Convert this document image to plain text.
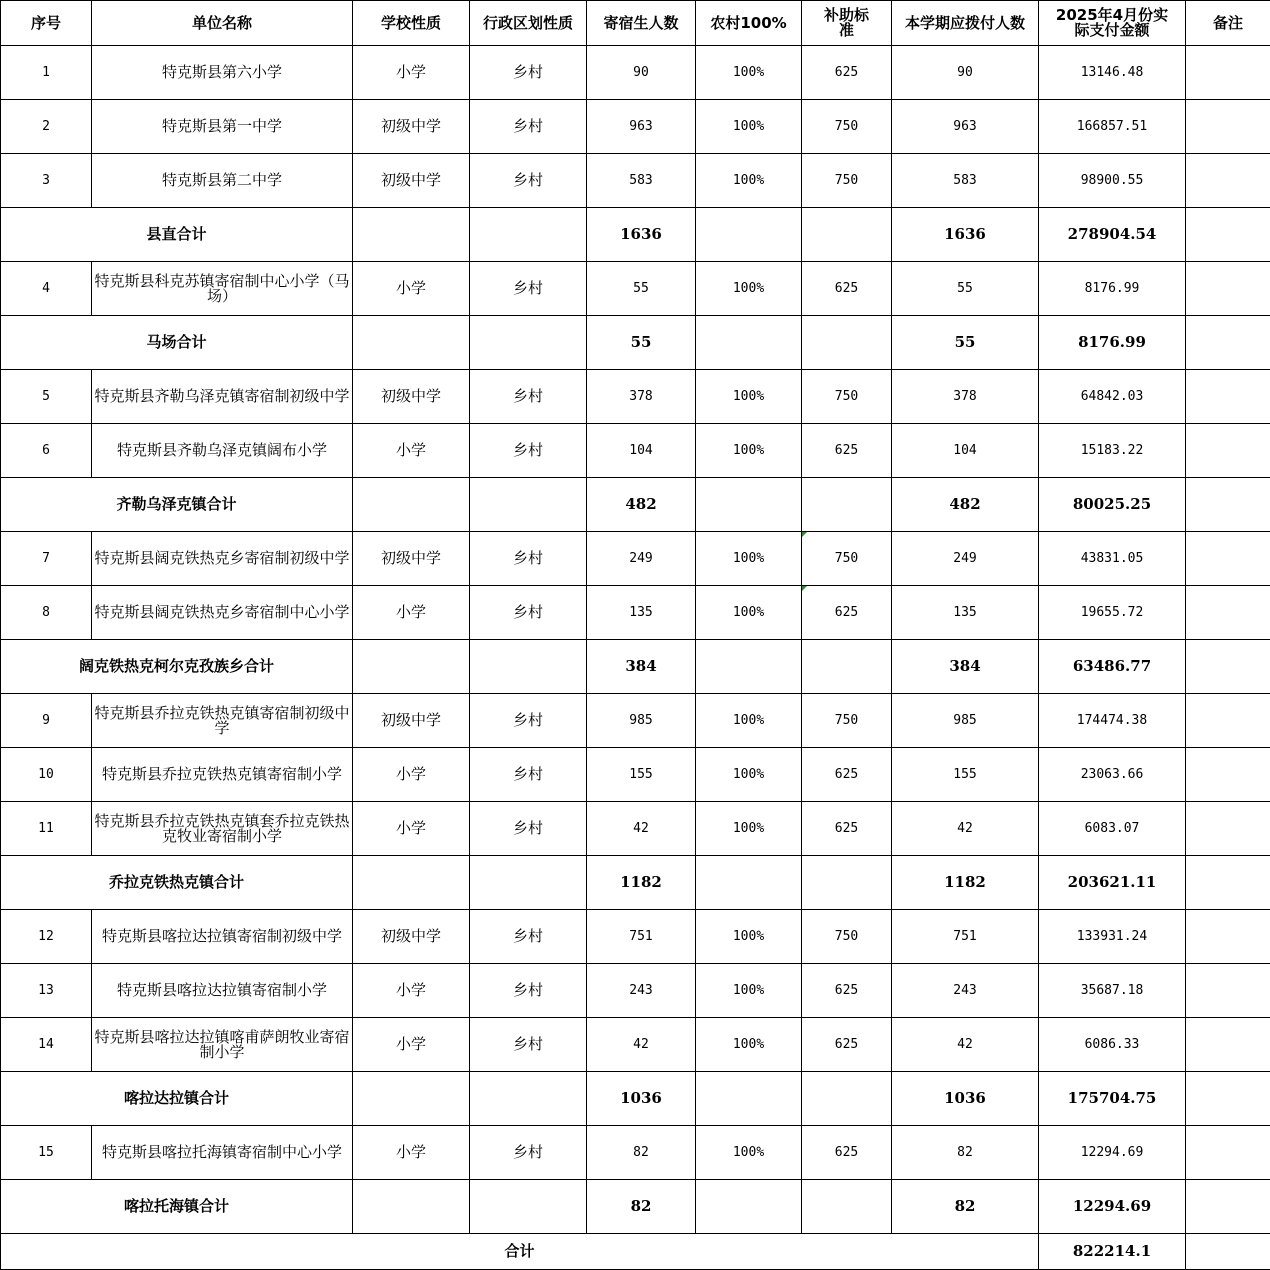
序号	单位名称	学校性质	行政区划性质	寄宿生人数	农村100%	补助标准	本学期应拨付人数	2025年4月份实际支付金额	备注
1	特克斯县第六小学	小学	乡村	90	100%	625	90	13146.48	
2	特克斯县第一中学	初级中学	乡村	963	100%	750	963	166857.51	
3	特克斯县第二中学	初级中学	乡村	583	100%	750	583	98900.55	
县直合计				1636			1636	278904.54	
4	特克斯县科克苏镇寄宿制中心小学（马场）	小学	乡村	55	100%	625	55	8176.99	
马场合计				55			55	8176.99	
5	特克斯县齐勒乌泽克镇寄宿制初级中学	初级中学	乡村	378	100%	750	378	64842.03	
6	特克斯县齐勒乌泽克镇阔布小学	小学	乡村	104	100%	625	104	15183.22	
齐勒乌泽克镇合计				482			482	80025.25	
7	特克斯县阔克铁热克乡寄宿制初级中学	初级中学	乡村	249	100%	750	249	43831.05	
8	特克斯县阔克铁热克乡寄宿制中心小学	小学	乡村	135	100%	625	135	19655.72	
阔克铁热克柯尔克孜族乡合计				384			384	63486.77	
9	特克斯县乔拉克铁热克镇寄宿制初级中学	初级中学	乡村	985	100%	750	985	174474.38	
10	特克斯县乔拉克铁热克镇寄宿制小学	小学	乡村	155	100%	625	155	23063.66	
11	特克斯县乔拉克铁热克镇套乔拉克铁热克牧业寄宿制小学	小学	乡村	42	100%	625	42	6083.07	
乔拉克铁热克镇合计				1182			1182	203621.11	
12	特克斯县喀拉达拉镇寄宿制初级中学	初级中学	乡村	751	100%	750	751	133931.24	
13	特克斯县喀拉达拉镇寄宿制小学	小学	乡村	243	100%	625	243	35687.18	
14	特克斯县喀拉达拉镇喀甫萨朗牧业寄宿制小学	小学	乡村	42	100%	625	42	6086.33	
喀拉达拉镇合计				1036			1036	175704.75	
15	特克斯县喀拉托海镇寄宿制中心小学	小学	乡村	82	100%	625	82	12294.69	
喀拉托海镇合计				82			82	12294.69	
合计								822214.1	
